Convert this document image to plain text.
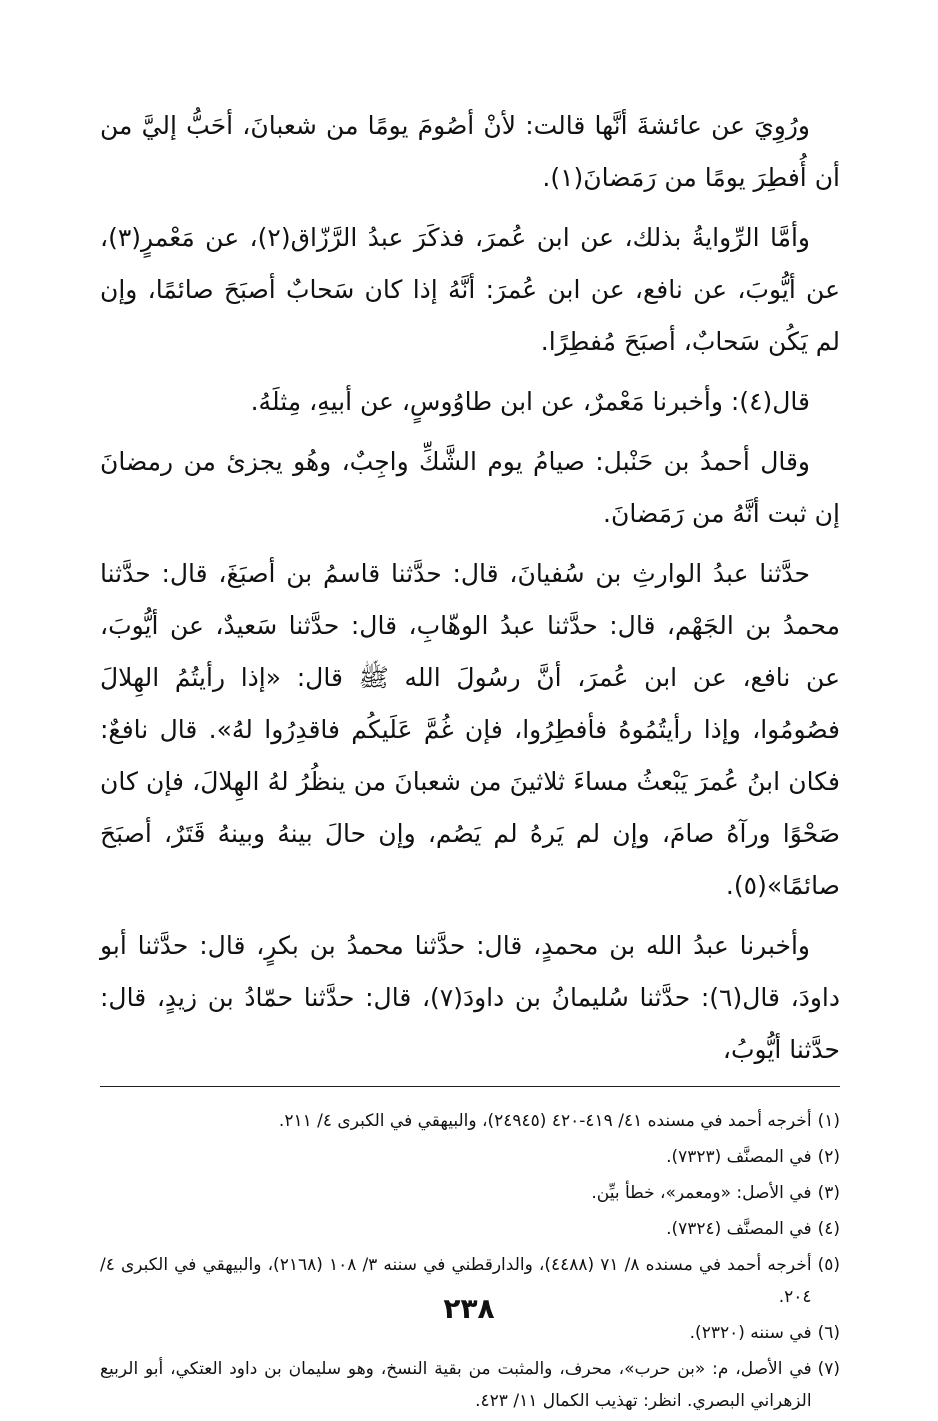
ورُوِيَ عن عائشةَ أنَّها قالت: لأنْ أصُومَ يومًا من شعبانَ، أحَبُّ إليَّ من أن أُفطِرَ يومًا من رَمَضانَ(١).

وأمَّا الرِّوايةُ بذلك، عن ابن عُمرَ، فذكَرَ عبدُ الرَّزّاق(٢)، عن مَعْمرٍ(٣)، عن أيُّوبَ، عن نافع، عن ابن عُمرَ: أنَّهُ إذا كان سَحابٌ أصبَحَ صائمًا، وإن لم يَكُن سَحابٌ، أصبَحَ مُفطِرًا.

قال(٤): وأخبرنا مَعْمرٌ، عن ابن طاوُوسٍ، عن أبيهِ، مِثلَهُ.

وقال أحمدُ بن حَنْبل: صيامُ يوم الشَّكِّ واجِبٌ، وهُو يجزئ من رمضانَ إن ثبت أنَّهُ من رَمَضانَ.

حدَّثنا عبدُ الوارثِ بن سُفيانَ، قال: حدَّثنا قاسمُ بن أصبَغَ، قال: حدَّثنا محمدُ بن الجَهْم، قال: حدَّثنا عبدُ الوهّابِ، قال: حدَّثنا سَعيدٌ، عن أيُّوبَ، عن نافع، عن ابن عُمرَ، أنَّ رسُولَ الله ﷺ قال: «إذا رأيتُمُ الهِلالَ فصُومُوا، وإذا رأيتُمُوهُ فأفطِرُوا، فإن غُمَّ عَلَيكُم فاقدِرُوا لهُ». قال نافعٌ: فكان ابنُ عُمرَ يَبْعثُ مساءَ ثلاثينَ من شعبانَ من ينظُرُ لهُ الهِلالَ، فإن كان صَحْوًا ورآهُ صامَ، وإن لم يَرهُ لم يَصُم، وإن حالَ بينهُ وبينهُ قَتَرٌ، أصبَحَ صائمًا»(٥).

وأخبرنا عبدُ الله بن محمدٍ، قال: حدَّثنا محمدُ بن بكرٍ، قال: حدَّثنا أبو داودَ، قال(٦): حدَّثنا سُليمانُ بن داودَ(٧)، قال: حدَّثنا حمّادُ بن زيدٍ، قال: حدَّثنا أيُّوبُ،

(١)
أخرجه أحمد في مسنده ٤١/ ٤١٩-٤٢٠ (٢٤٩٤٥)، والبيهقي في الكبرى ٤/ ٢١١.
(٢)
في المصنَّف (٧٣٢٣).
(٣)
في الأصل: «ومعمر»، خطأ بيِّن.
(٤)
في المصنَّف (٧٣٢٤).
(٥)
أخرجه أحمد في مسنده ٨/ ٧١ (٤٤٨٨)، والدارقطني في سننه ٣/ ١٠٨ (٢١٦٨)، والبيهقي في الكبرى ٤/ ٢٠٤.
(٦)
في سننه (٢٣٢٠).
(٧)
في الأصل، م: «بن حرب»، محرف، والمثبت من بقية النسخ، وهو سليمان بن داود العتكي، أبو الربيع الزهراني البصري. انظر: تهذيب الكمال ١١/ ٤٢٣.
٢٣٨
